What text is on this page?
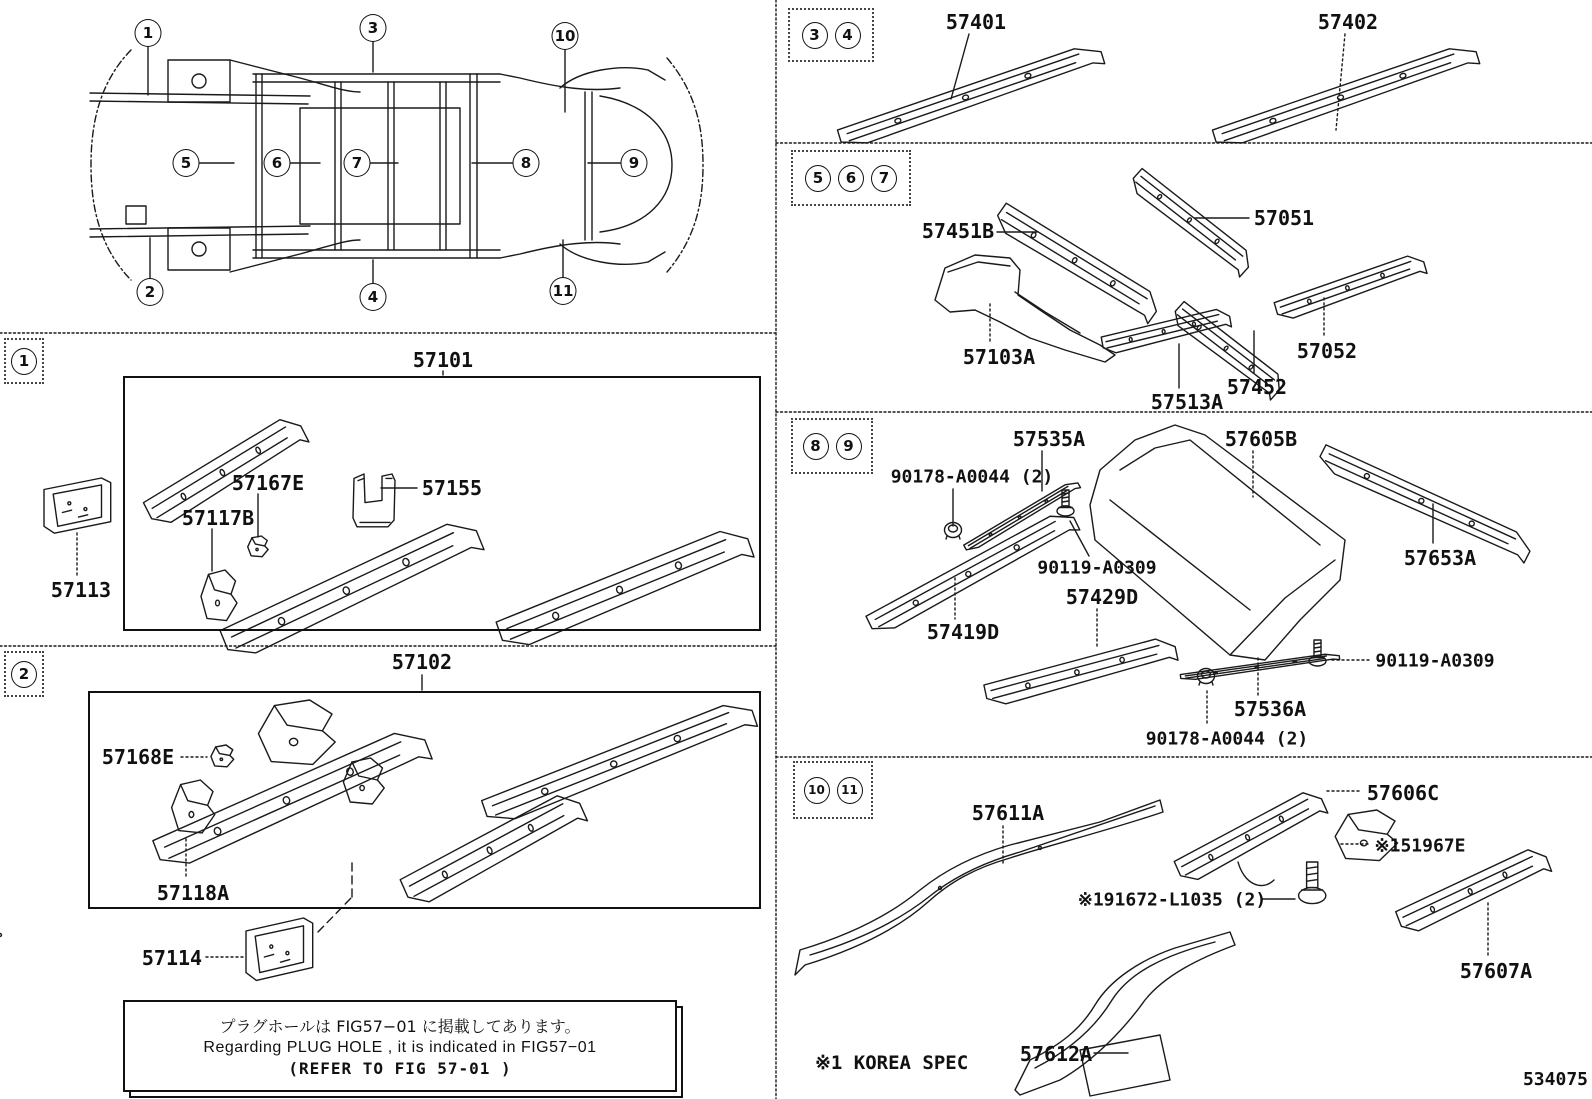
1
2
3
4
5	6	7	8	9
10
11
1
2
3	4
5	6	7
8	9
10	11
57101
57113
57167E
57117B
57155
57102
57168E
57118A
57114
57401	57402
57451B
57051
57103A	57052
57452
57513A
57535A	57605B
90178-A0044 (2)
90119-A0309
57429D
57419D
57653A
90119-A0309
57536A
90178-A0044 (2)
57611A
57606C
※151967E
※191672-L1035 (2)
57607A
57612A
※1 KOREA SPEC
プラグホールは FIG57−01 に掲載してあります。
Regarding PLUG HOLE , it is indicated in FIG57−01
(REFER TO FIG 57-01 )
534075
